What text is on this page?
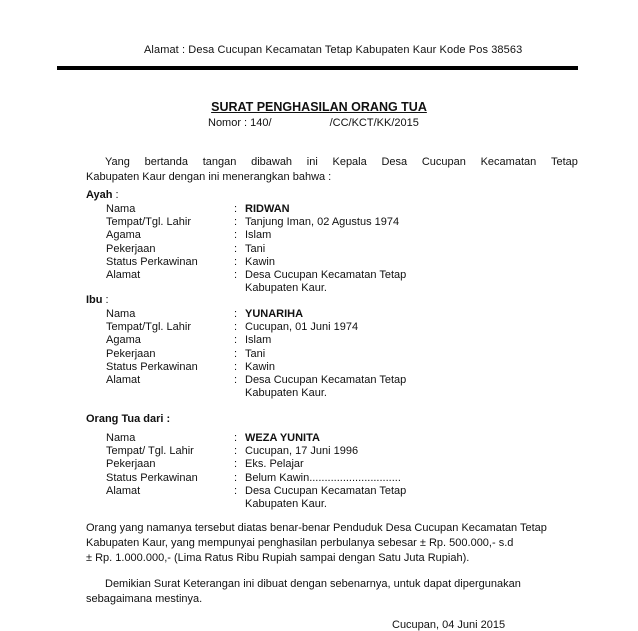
Alamat : Desa Cucupan Kecamatan Tetap Kabupaten Kaur Kode Pos 38563
SURAT PENGHASILAN ORANG TUA
Nomor : 140/	/CC/KCT/KK/2015
Yang bertanda tangan dibawah ini Kepala Desa Cucupan Kecamatan Tetap
Kabupaten Kaur dengan ini menerangkan bahwa :
Ayah :
Nama	: RIDWAN
Tempat/Tgl. Lahir	: Tanjung Iman, 02 Agustus 1974
Agama	: Islam
Pekerjaan	: Tani
Status Perkawinan	: Kawin
Alamat	: Desa Cucupan Kecamatan Tetap
Kabupaten Kaur.
Ibu :
Nama	: YUNARIHA
Tempat/Tgl. Lahir	: Cucupan, 01 Juni 1974
Agama	: Islam
Pekerjaan	: Tani
Status Perkawinan	: Kawin
Alamat	: Desa Cucupan Kecamatan Tetap
Kabupaten Kaur.
Orang Tua dari :
Nama	: WEZA YUNITA
Tempat/ Tgl. Lahir	: Cucupan, 17 Juni 1996
Pekerjaan	: Eks. Pelajar
Status Perkawinan	: Belum Kawin..............................
Alamat	: Desa Cucupan Kecamatan Tetap
Kabupaten Kaur.
Orang yang namanya tersebut diatas benar-benar Penduduk Desa Cucupan Kecamatan Tetap
Kabupaten Kaur, yang mempunyai penghasilan perbulanya sebesar ± Rp. 500.000,- s.d
± Rp. 1.000.000,- (Lima Ratus Ribu Rupiah sampai dengan Satu Juta Rupiah).
Demikian Surat Keterangan ini dibuat dengan sebenarnya, untuk dapat dipergunakan
sebagaimana mestinya.
Cucupan, 04 Juni 2015
